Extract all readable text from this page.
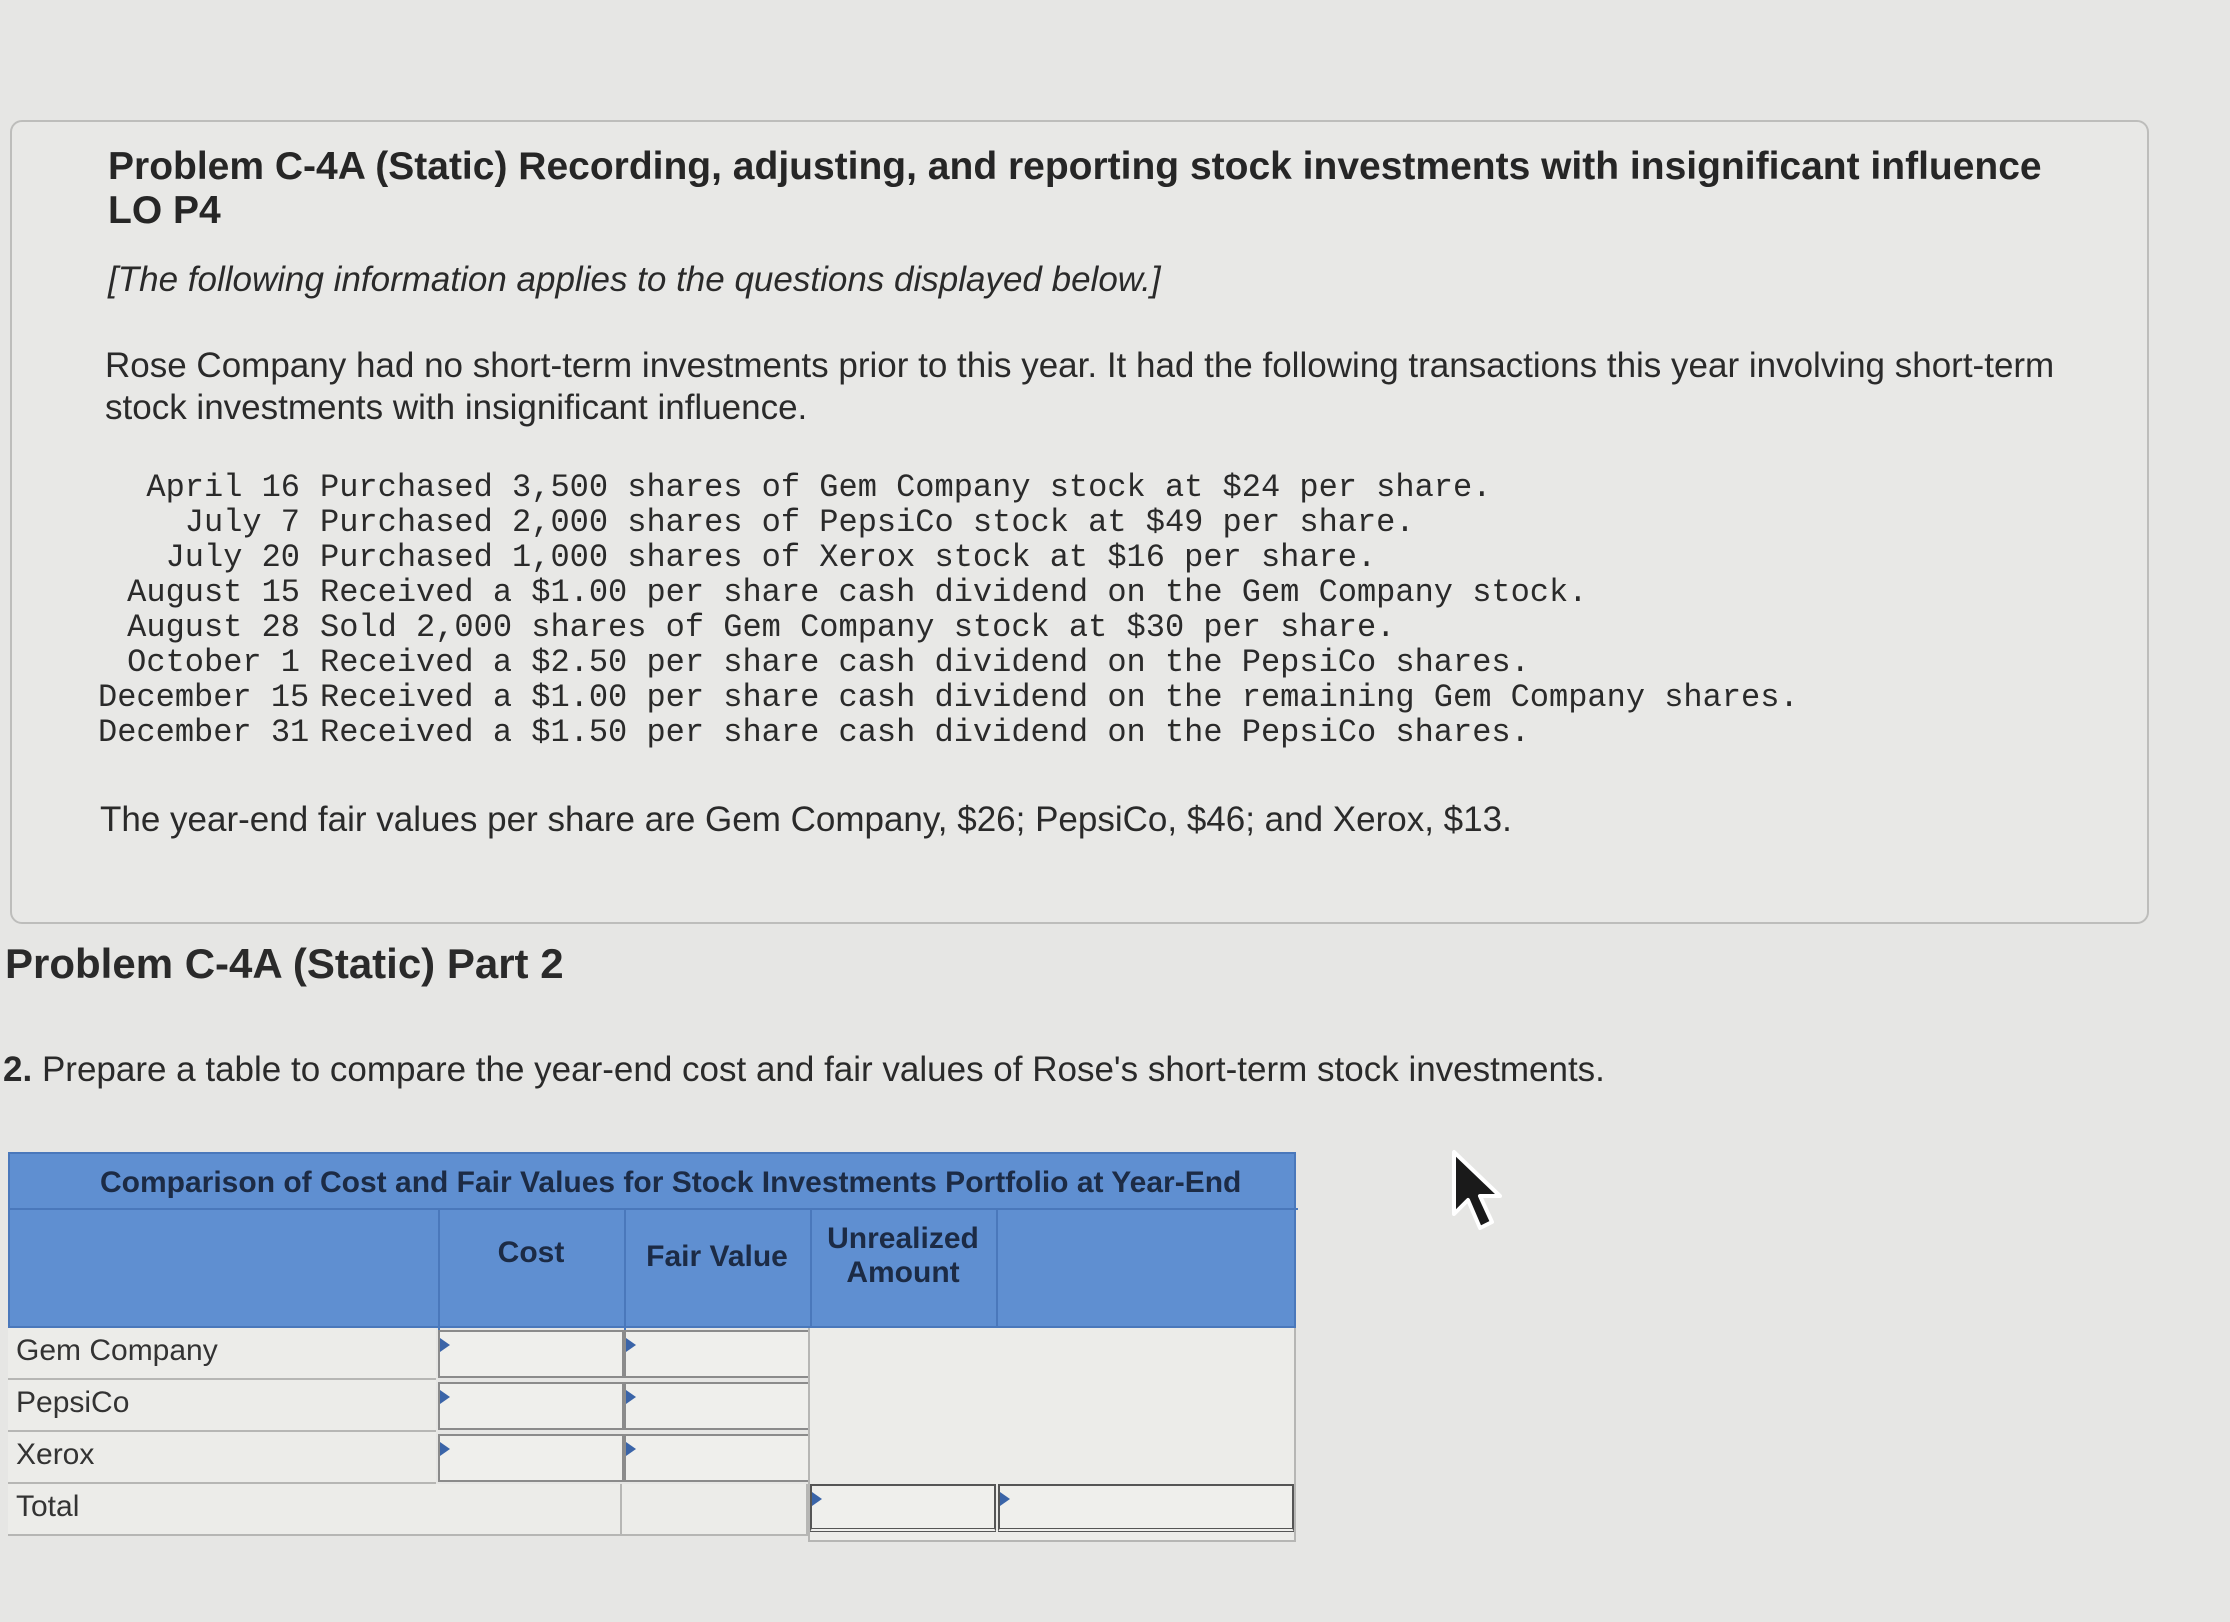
Problem C-4A (Static) Recording, adjusting, and reporting stock investments with insignificant influence LO P4
[The following information applies to the questions displayed below.]
Rose Company had no short-term investments prior to this year. It had the following transactions this year involving short-term stock investments with insignificant influence.
April 16 Purchased 3,500 shares of Gem Company stock at $24 per share.
July 7 Purchased 2,000 shares of PepsiCo stock at $49 per share.
July 20 Purchased 1,000 shares of Xerox stock at $16 per share.
August 15 Received a $1.00 per share cash dividend on the Gem Company stock.
August 28 Sold 2,000 shares of Gem Company stock at $30 per share.
October 1 Received a $2.50 per share cash dividend on the PepsiCo shares.
December 15 Received a $1.00 per share cash dividend on the remaining Gem Company shares.
December 31 Received a $1.50 per share cash dividend on the PepsiCo shares.
The year-end fair values per share are Gem Company, $26; PepsiCo, $46; and Xerox, $13.
Problem C-4A (Static) Part 2
2. Prepare a table to compare the year-end cost and fair values of Rose's short-term stock investments.
Comparison of Cost and Fair Values for Stock Investments Portfolio at Year-End
Cost	Fair Value
Unrealized
Amount
Gem Company
PepsiCo
Xerox
Total
